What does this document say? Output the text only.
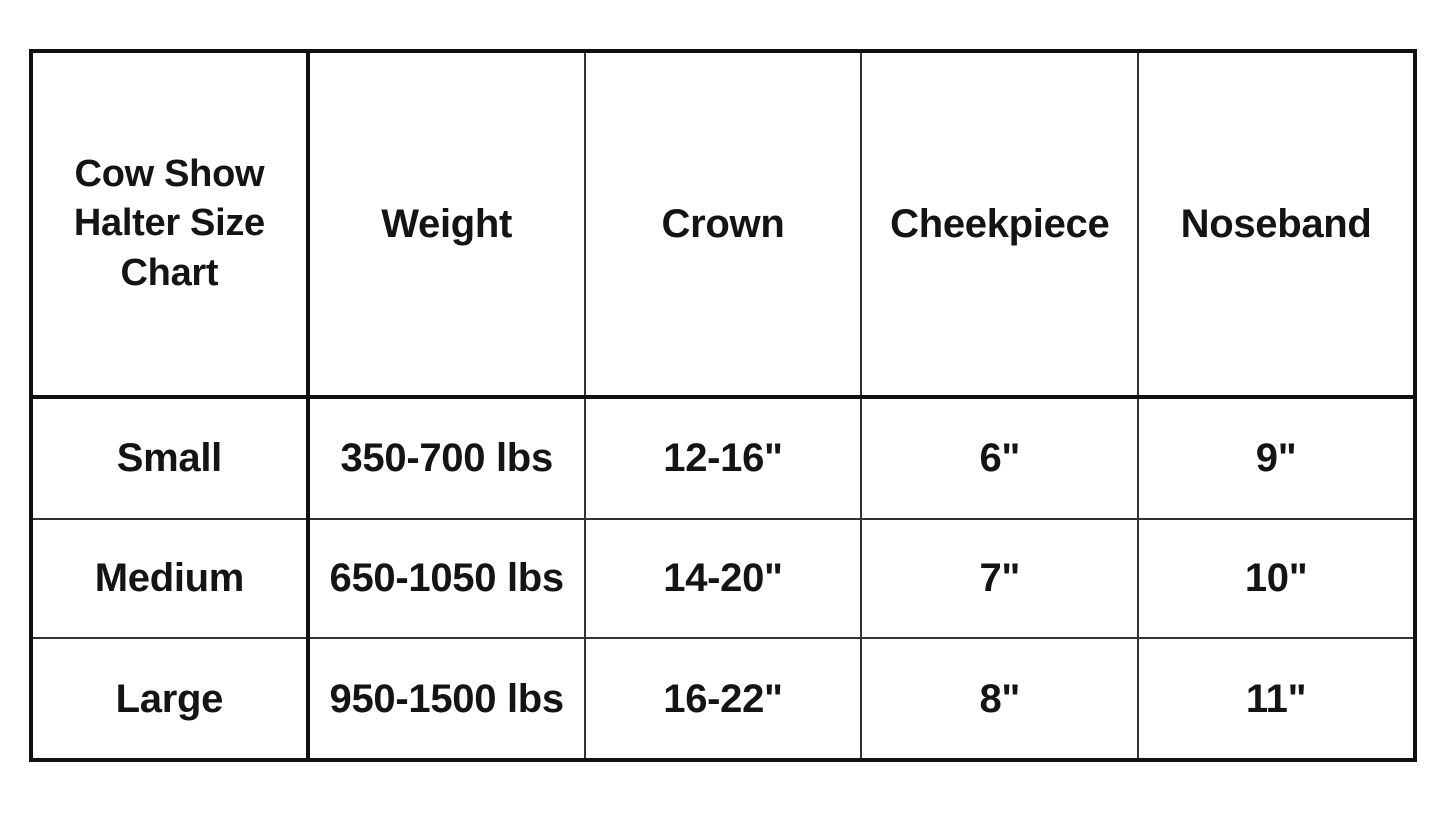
Cow Show Halter Size Chart	Weight	Crown	Cheekpiece	Noseband
Small	350-700 lbs	12-16"	6"	9"
Medium	650-1050 lbs	14-20"	7"	10"
Large	950-1500 lbs	16-22"	8"	11"
